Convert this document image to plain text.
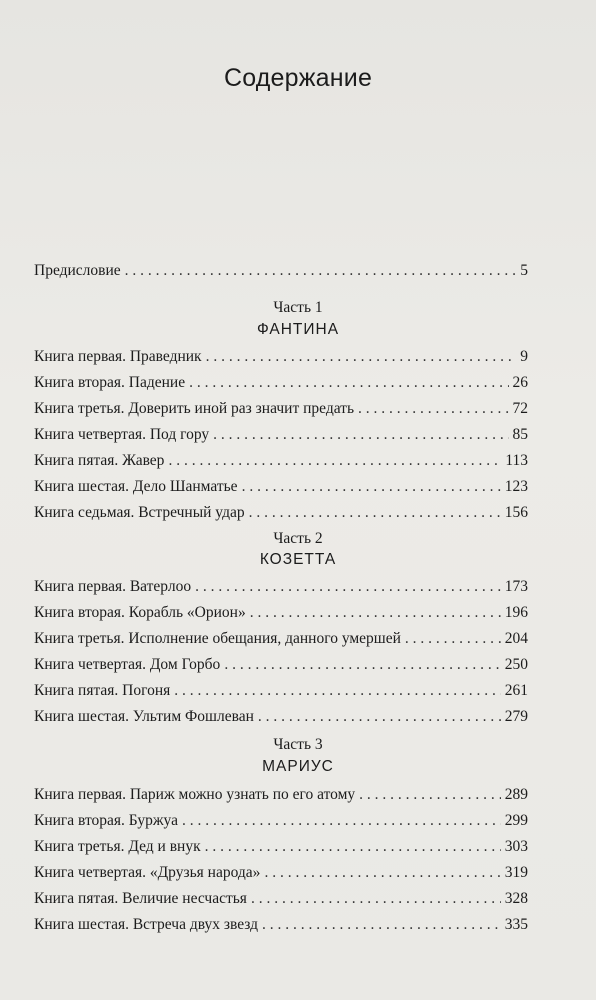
Содержание
Предисловие . . .	5
Часть 1
ФАНТИНА
Книга первая. Праведник . . .	9
Книга вторая. Падение . . .	26
Книга третья. Доверить иной раз значит предать . . .	72
Книга четвертая. Под гору . . .	85
Книга пятая. Жавер . . .	113
Книга шестая. Дело Шанматье . . .	123
Книга седьмая. Встречный удар . . .	156
Часть 2
КОЗЕТТА
Книга первая. Ватерлоо . . .	173
Книга вторая. Корабль «Орион» . . .	196
Книга третья. Исполнение обещания, данного умершей . . .	204
Книга четвертая. Дом Горбо . . .	250
Книга пятая. Погоня . . .	261
Книга шестая. Ультим Фошлеван . . .	279
Часть 3
МАРИУС
Книга первая. Париж можно узнать по его атому . . .	289
Книга вторая. Буржуа . . .	299
Книга третья. Дед и внук . . .	303
Книга четвертая. «Друзья народа» . . .	319
Книга пятая. Величие несчастья . . .	328
Книга шестая. Встреча двух звезд . . .	335
